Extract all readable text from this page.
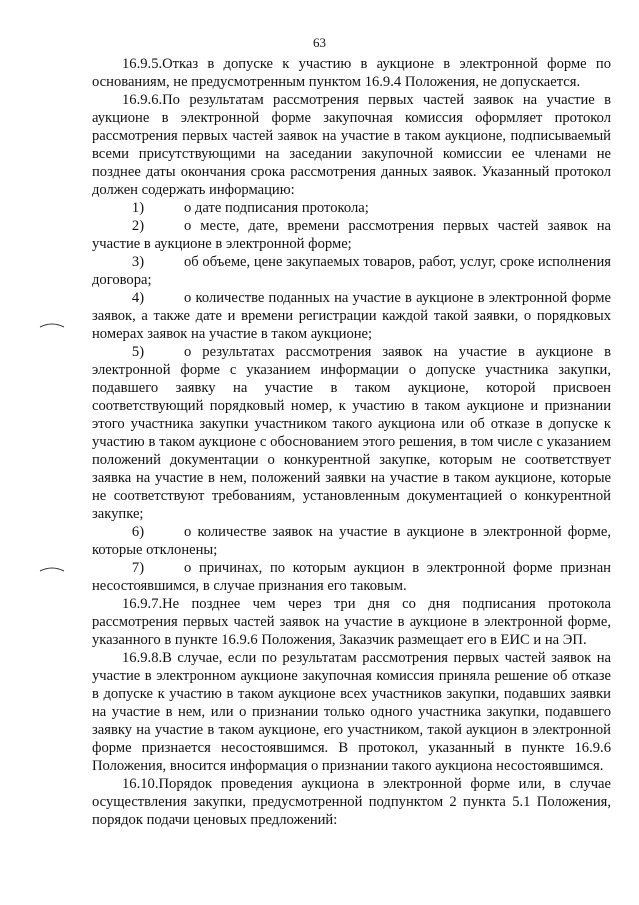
63

16.9.5.Отказ в допуске к участию в аукционе в электронной форме по основаниям, не предусмотренным пунктом 16.9.4 Положения, не допускается.

16.9.6.По результатам рассмотрения первых частей заявок на участие в аукционе в электронной форме закупочная комиссия оформляет протокол рассмотрения первых частей заявок на участие в таком аукционе, подписываемый всеми присутствующими на заседании закупочной комиссии ее членами не позднее даты окончания срока рассмотрения данных заявок. Указанный протокол должен содержать информацию:

1)	о дате подписания протокола;

2)	о месте, дате, времени рассмотрения первых частей заявок на участие в аукционе в электронной форме;

3)	об объеме, цене закупаемых товаров, работ, услуг, сроке исполнения договора;

4)	о количестве поданных на участие в аукционе в электронной форме заявок, а также дате и времени регистрации каждой такой заявки, о порядковых номерах заявок на участие в таком аукционе;

5)	о результатах рассмотрения заявок на участие в аукционе в электронной форме с указанием информации о допуске участника закупки, подавшего заявку на участие в таком аукционе, которой присвоен соответствующий порядковый номер, к участию в таком аукционе и признании этого участника закупки участником такого аукциона или об отказе в допуске к участию в таком аукционе с обоснованием этого решения, в том числе с указанием положений документации о конкурентной закупке, которым не соответствует заявка на участие в нем, положений заявки на участие в таком аукционе, которые не соответствуют требованиям, установленным документацией о конкурентной закупке;

6)	о количестве заявок на участие в аукционе в электронной форме, которые отклонены;

7)	о причинах, по которым аукцион в электронной форме признан несостоявшимся, в случае признания его таковым.

16.9.7.Не позднее чем через три дня со дня подписания протокола рассмотрения первых частей заявок на участие в аукционе в электронной форме, указанного в пункте 16.9.6 Положения, Заказчик размещает его в ЕИС и на ЭП.

16.9.8.В случае, если по результатам рассмотрения первых частей заявок на участие в электронном аукционе закупочная комиссия приняла решение об отказе в допуске к участию в таком аукционе всех участников закупки, подавших заявки на участие в нем, или о признании только одного участника закупки, подавшего заявку на участие в таком аукционе, его участником, такой аукцион в электронной форме признается несостоявшимся. В протокол, указанный в пункте 16.9.6 Положения, вносится информация о признании такого аукциона несостоявшимся.

16.10.Порядок проведения аукциона в электронной форме или, в случае осуществления закупки, предусмотренной подпунктом 2 пункта 5.1 Положения, порядок подачи ценовых предложений:
